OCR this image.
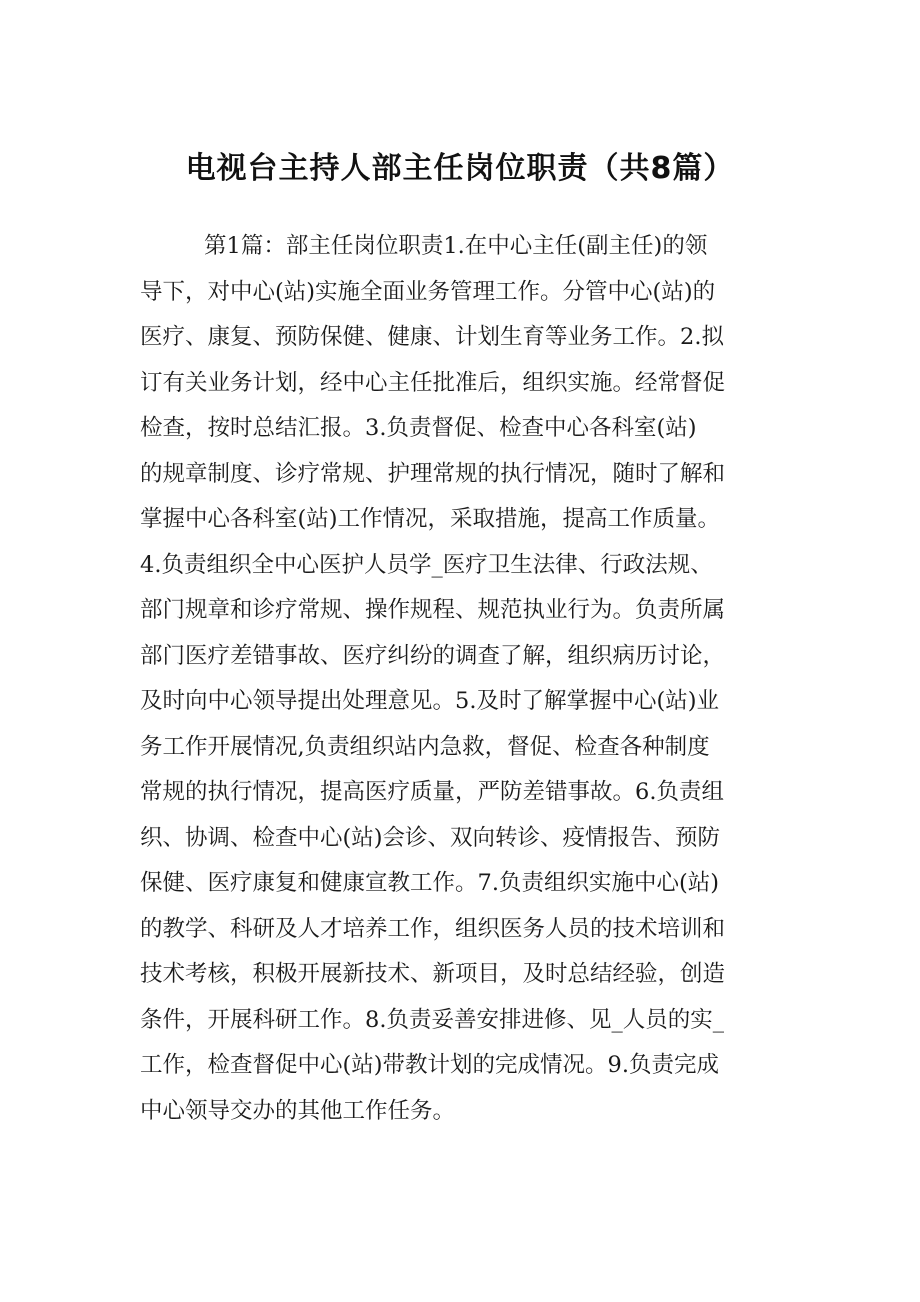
电视台主持人部主任岗位职责（共8篇）
第1篇：部主任岗位职责1.在中心主任(副主任)的领
导下，对中心(站)实施全面业务管理工作。分管中心(站)的
医疗、康复、预防保健、健康、计划生育等业务工作。2.拟
订有关业务计划，经中心主任批准后，组织实施。经常督促
检查，按时总结汇报。3.负责督促、检查中心各科室(站)
的规章制度、诊疗常规、护理常规的执行情况，随时了解和
掌握中心各科室(站)工作情况，采取措施，提高工作质量。
4.负责组织全中心医护人员学_医疗卫生法律、行政法规、
部门规章和诊疗常规、操作规程、规范执业行为。负责所属
部门医疗差错事故、医疗纠纷的调查了解，组织病历讨论，
及时向中心领导提出处理意见。5.及时了解掌握中心(站)业
务工作开展情况,负责组织站内急救，督促、检查各种制度
常规的执行情况，提高医疗质量，严防差错事故。6.负责组
织、协调、检查中心(站)会诊、双向转诊、疫情报告、预防
保健、医疗康复和健康宣教工作。7.负责组织实施中心(站)
的教学、科研及人才培养工作，组织医务人员的技术培训和
技术考核，积极开展新技术、新项目，及时总结经验，创造
条件，开展科研工作。8.负责妥善安排进修、见_人员的实_
工作，检查督促中心(站)带教计划的完成情况。9.负责完成
中心领导交办的其他工作任务。
